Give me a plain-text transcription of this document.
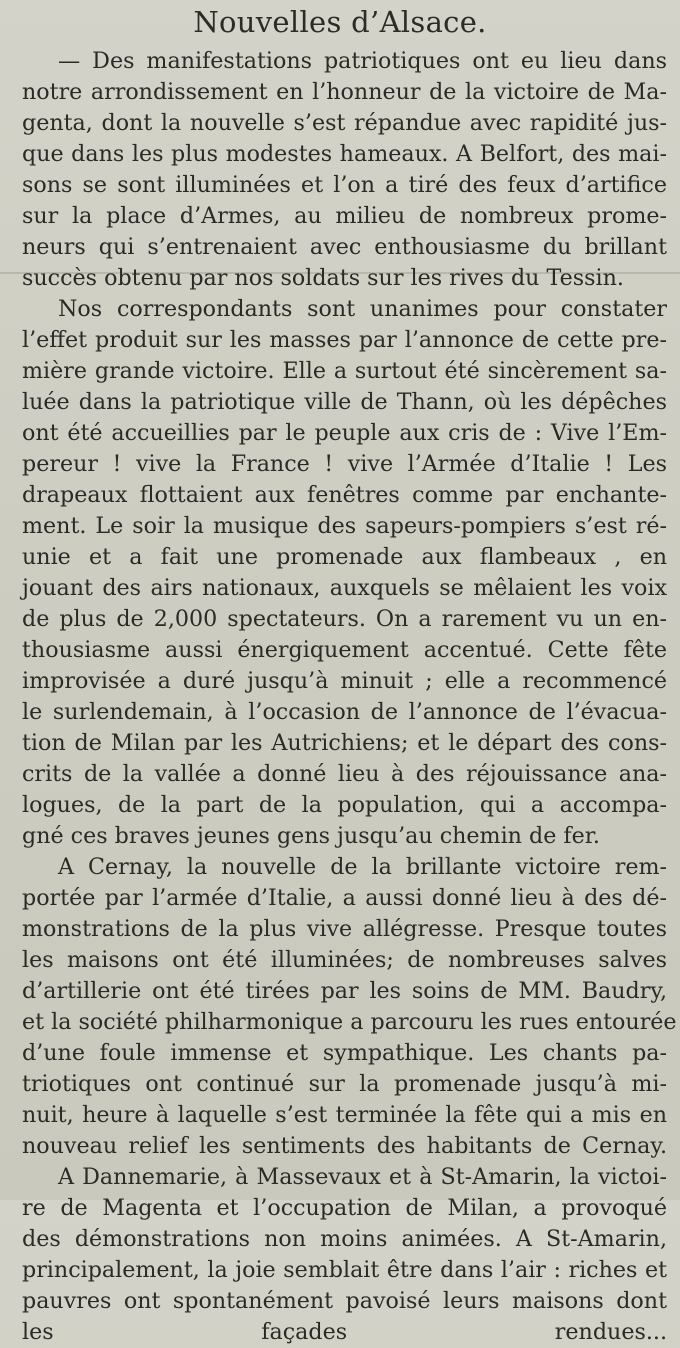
Nouvelles d’Alsace.
— Des manifestations patriotiques ont eu lieu dans
notre arrondissement en l’honneur de la victoire de Ma-
genta, dont la nouvelle s’est répandue avec rapidité jus-
que dans les plus modestes hameaux. A Belfort, des mai-
sons se sont illuminées et l’on a tiré des feux d’artifice
sur la place d’Armes, au milieu de nombreux prome-
neurs qui s’entrenaient avec enthousiasme du brillant
succès obtenu par nos soldats sur les rives du Tessin.
Nos correspondants sont unanimes pour constater
l’effet produit sur les masses par l’annonce de cette pre-
mière grande victoire. Elle a surtout été sincèrement sa-
luée dans la patriotique ville de Thann, où les dépêches
ont été accueillies par le peuple aux cris de : Vive l’Em-
pereur ! vive la France ! vive l’Armée d’Italie ! Les
drapeaux flottaient aux fenêtres comme par enchante-
ment. Le soir la musique des sapeurs-pompiers s’est ré-
unie et a fait une promenade aux flambeaux , en
jouant des airs nationaux, auxquels se mêlaient les voix
de plus de 2,000 spectateurs. On a rarement vu un en-
thousiasme aussi énergiquement accentué. Cette fête
improvisée a duré jusqu’à minuit ; elle a recommencé
le surlendemain, à l’occasion de l’annonce de l’évacua-
tion de Milan par les Autrichiens; et le départ des cons-
crits de la vallée a donné lieu à des réjouissance ana-
logues, de la part de la population, qui a accompa-
gné ces braves jeunes gens jusqu’au chemin de fer.
A Cernay, la nouvelle de la brillante victoire rem-
portée par l’armée d’Italie, a aussi donné lieu à des dé-
monstrations de la plus vive allégresse. Presque toutes
les maisons ont été illuminées; de nombreuses salves
d’artillerie ont été tirées par les soins de MM. Baudry,
et la société philharmonique a parcouru les rues entourée
d’une foule immense et sympathique. Les chants pa-
triotiques ont continué sur la promenade jusqu’à mi-
nuit, heure à laquelle s’est terminée la fête qui a mis en
nouveau relief les sentiments des habitants de Cernay.
A Dannemarie, à Massevaux et à St-Amarin, la victoi-
re de Magenta et l’occupation de Milan, a provoqué
des démonstrations non moins animées. A St-Amarin,
principalement, la joie semblait être dans l’air : riches et
pauvres ont spontanément pavoisé leurs maisons dont
les façades rendues...
